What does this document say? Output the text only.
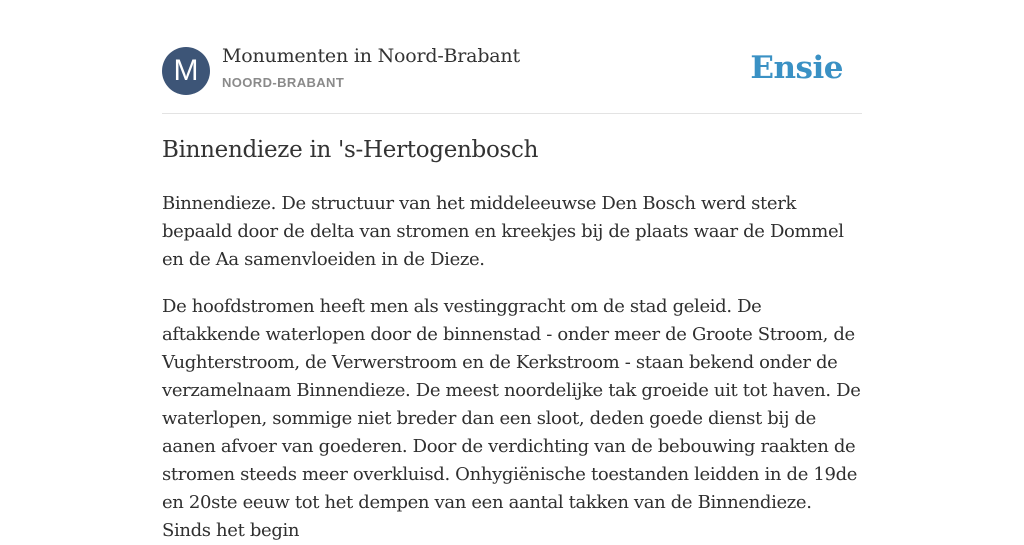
M	Monumenten in Noord-Brabant
NOORD-BRABANT	Ensie
Binnendieze in 's-Hertogenbosch

Binnendieze. De structuur van het middeleeuwse Den Bosch werd sterk bepaald door de delta van stromen en kreekjes bij de plaats waar de Dommel en de Aa samenvloeiden in de Dieze.

De hoofdstromen heeft men als vestinggracht om de stad geleid. De aftakkende waterlopen door de binnenstad - onder meer de Groote Stroom, de Vughterstroom, de Verwerstroom en de Kerkstroom - staan bekend onder de verzamelnaam Binnendieze. De meest noordelijke tak groeide uit tot haven. De waterlopen, sommige niet breder dan een sloot, deden goede dienst bij de aanen afvoer van goederen. Door de verdichting van de bebouwing raakten de stromen steeds meer overkluisd. Onhygiënische toestanden leidden in de 19de en 20ste eeuw tot het dempen van een aantal takken van de Binnendieze. Sinds het begin
